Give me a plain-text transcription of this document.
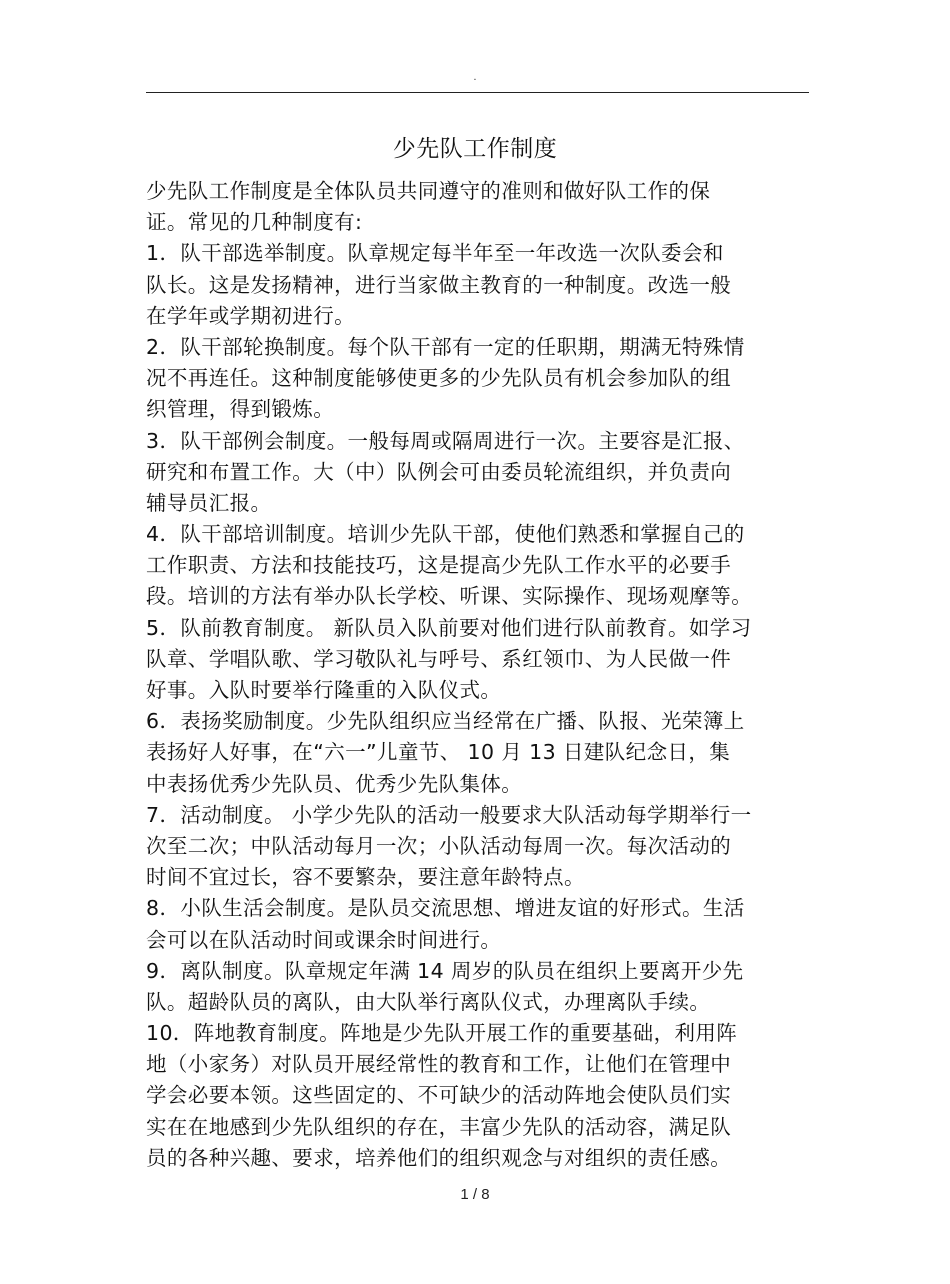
.
少先队工作制度
少先队工作制度是全体队员共同遵守的准则和做好队工作的保
证。常见的几种制度有:
1．队干部选举制度。队章规定每半年至一年改选一次队委会和
队长。这是发扬精神，进行当家做主教育的一种制度。改选一般
在学年或学期初进行。
2．队干部轮换制度。每个队干部有一定的任职期，期满无特殊情
况不再连任。这种制度能够使更多的少先队员有机会参加队的组
织管理，得到锻炼。
3．队干部例会制度。一般每周或隔周进行一次。主要容是汇报、
研究和布置工作。大（中）队例会可由委员轮流组织，并负责向
辅导员汇报。
4．队干部培训制度。培训少先队干部，使他们熟悉和掌握自己的
工作职责、方法和技能技巧，这是提高少先队工作水平的必要手
段。培训的方法有举办队长学校、听课、实际操作、现场观摩等。
5．队前教育制度。 新队员入队前要对他们进行队前教育。如学习
队章、学唱队歌、学习敬队礼与呼号、系红领巾、为人民做一件
好事。入队时要举行隆重的入队仪式。
6．表扬奖励制度。少先队组织应当经常在广播、队报、光荣簿上
表扬好人好事，在“六一”儿童节、 10 月 13 日建队纪念日，集
中表扬优秀少先队员、优秀少先队集体。
7．活动制度。 小学少先队的活动一般要求大队活动每学期举行一
次至二次；中队活动每月一次；小队活动每周一次。每次活动的
时间不宜过长，容不要繁杂，要注意年龄特点。
8．小队生活会制度。是队员交流思想、增进友谊的好形式。生活
会可以在队活动时间或课余时间进行。
9．离队制度。队章规定年满 14 周岁的队员在组织上要离开少先
队。超龄队员的离队，由大队举行离队仪式，办理离队手续。
10．阵地教育制度。阵地是少先队开展工作的重要基础，利用阵
地（小家务）对队员开展经常性的教育和工作，让他们在管理中
学会必要本领。这些固定的、不可缺少的活动阵地会使队员们实
实在在地感到少先队组织的存在，丰富少先队的活动容，满足队
员的各种兴趣、要求，培养他们的组织观念与对组织的责任感。
1 / 8
